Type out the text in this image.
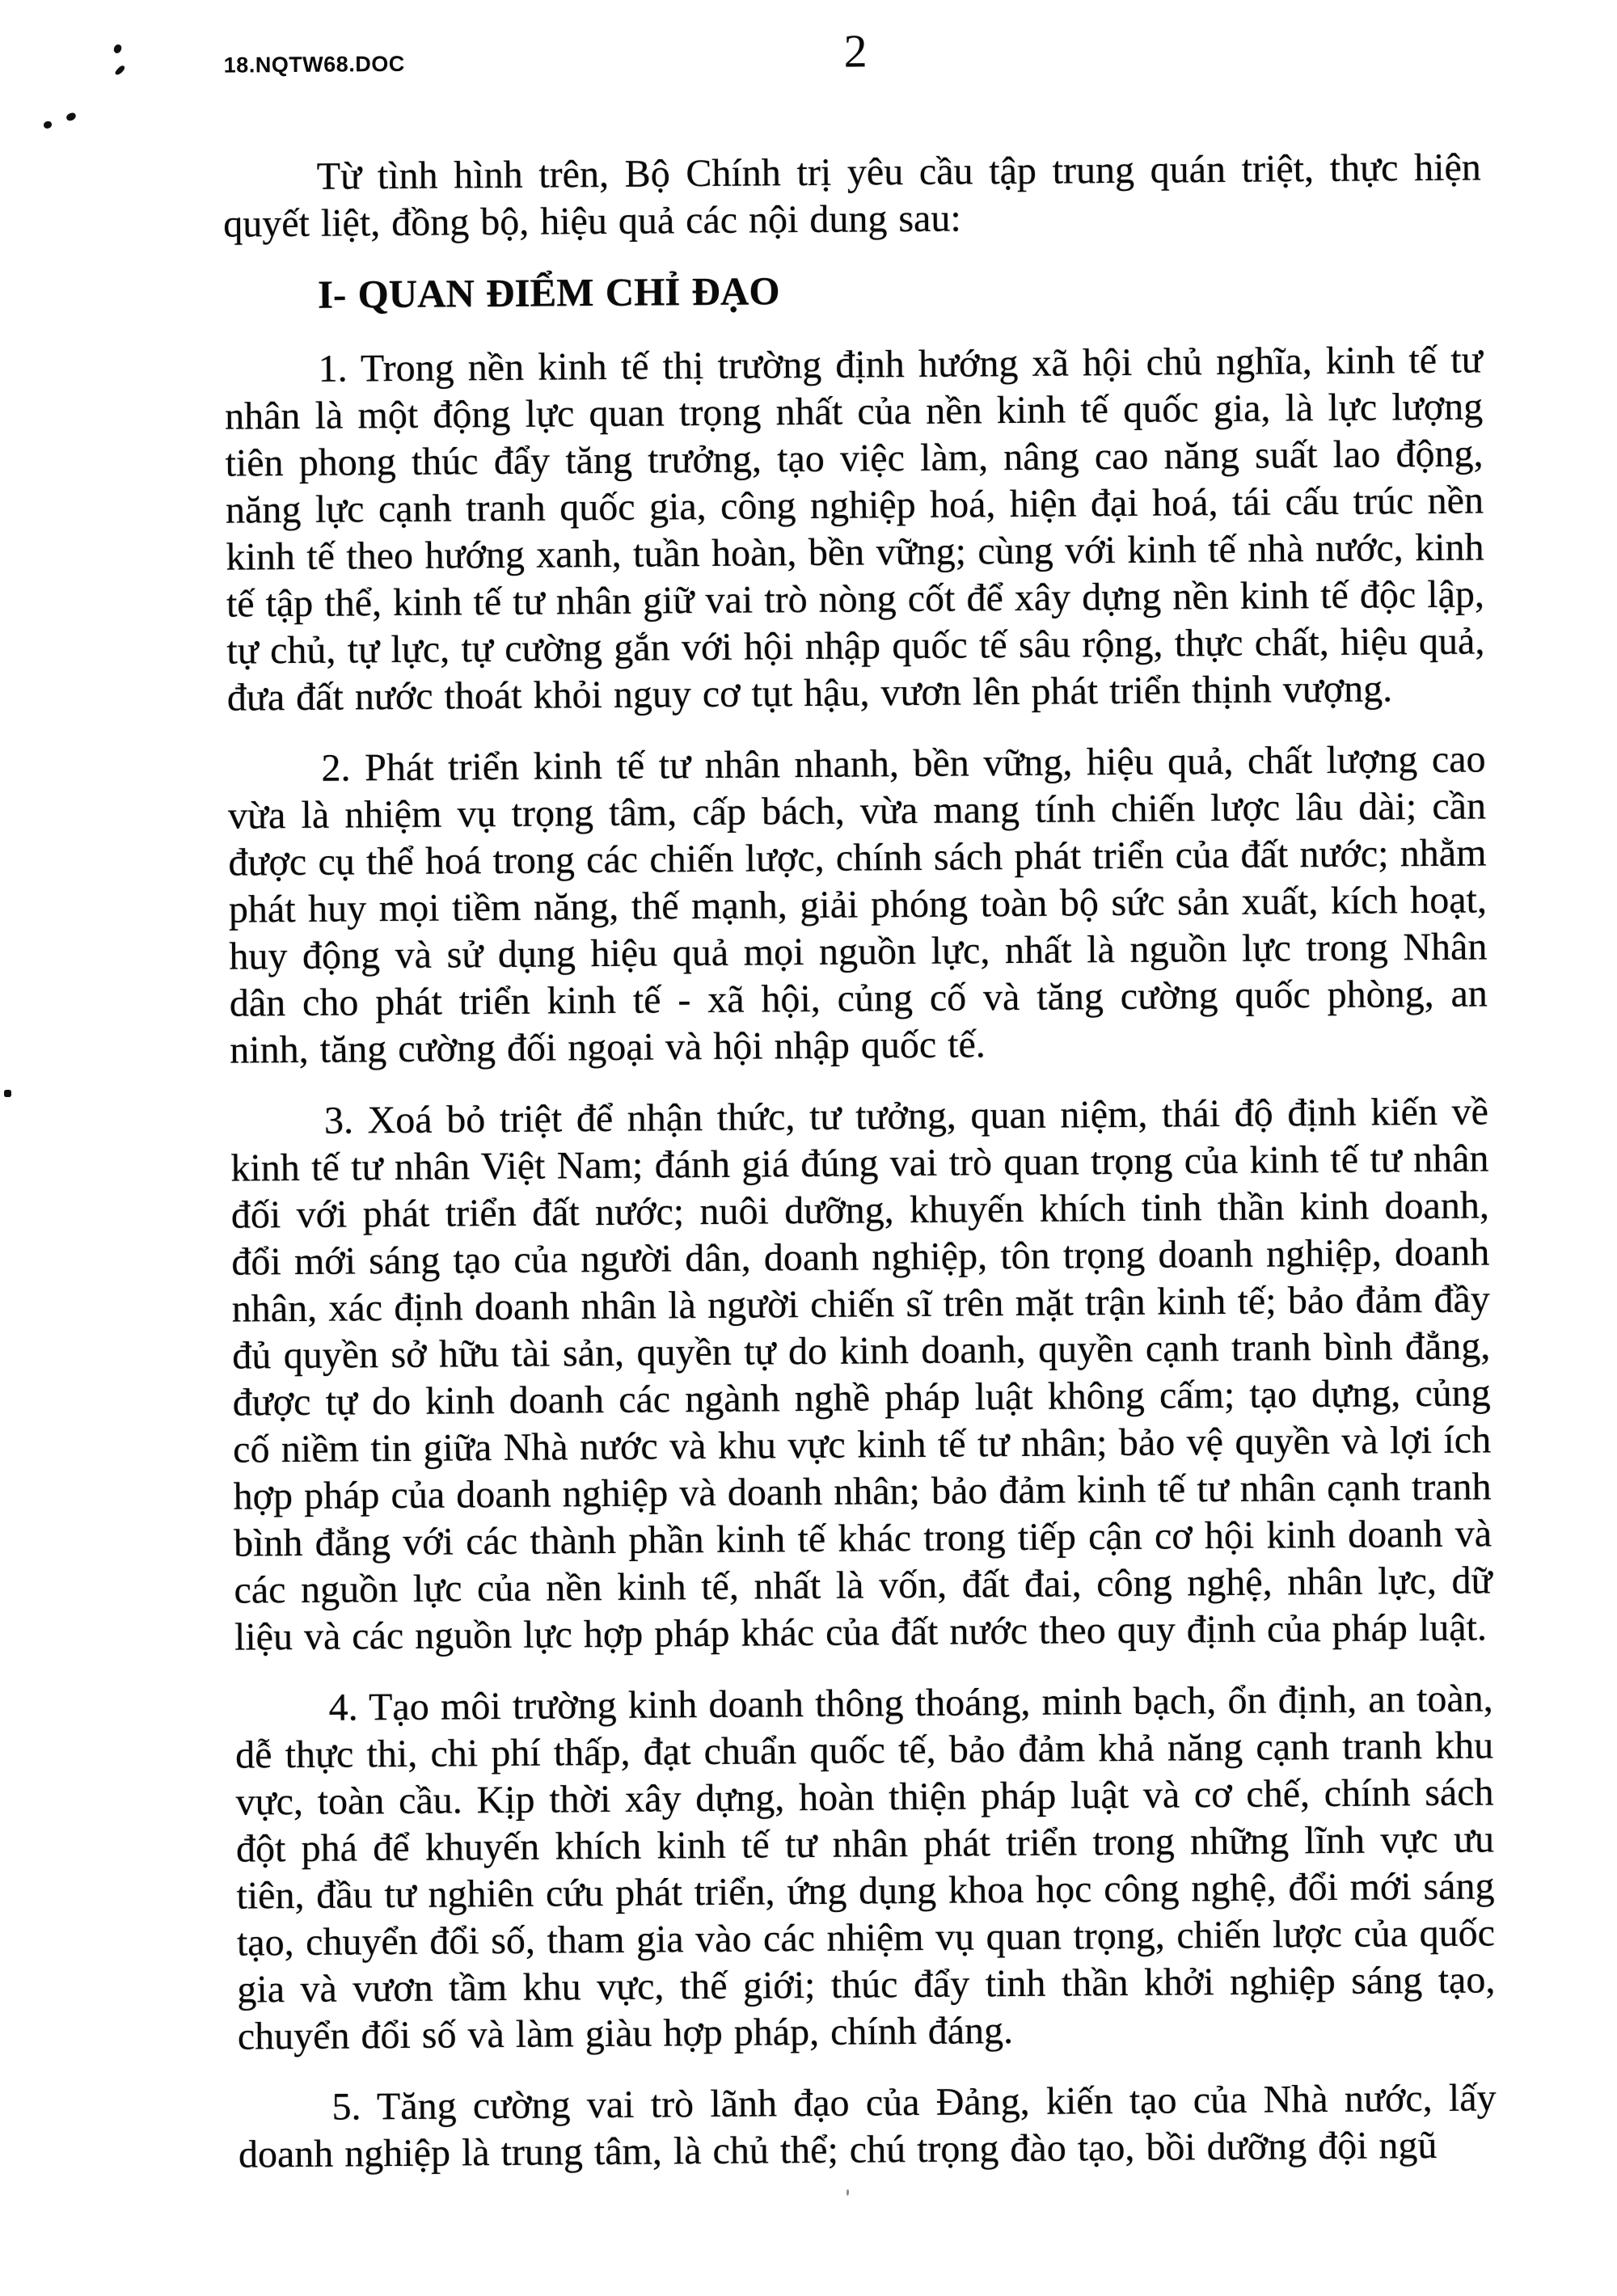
18.NQTW68.DOC	2

Từ tình hình trên, Bộ Chính trị yêu cầu tập trung quán triệt, thực hiện quyết liệt, đồng bộ, hiệu quả các nội dung sau:

I- QUAN ĐIỂM CHỈ ĐẠO

1. Trong nền kinh tế thị trường định hướng xã hội chủ nghĩa, kinh tế tư nhân là một động lực quan trọng nhất của nền kinh tế quốc gia, là lực lượng tiên phong thúc đẩy tăng trưởng, tạo việc làm, nâng cao năng suất lao động, năng lực cạnh tranh quốc gia, công nghiệp hoá, hiện đại hoá, tái cấu trúc nền kinh tế theo hướng xanh, tuần hoàn, bền vững; cùng với kinh tế nhà nước, kinh tế tập thể, kinh tế tư nhân giữ vai trò nòng cốt để xây dựng nền kinh tế độc lập, tự chủ, tự lực, tự cường gắn với hội nhập quốc tế sâu rộng, thực chất, hiệu quả, đưa đất nước thoát khỏi nguy cơ tụt hậu, vươn lên phát triển thịnh vượng.

2. Phát triển kinh tế tư nhân nhanh, bền vững, hiệu quả, chất lượng cao vừa là nhiệm vụ trọng tâm, cấp bách, vừa mang tính chiến lược lâu dài; cần được cụ thể hoá trong các chiến lược, chính sách phát triển của đất nước; nhằm phát huy mọi tiềm năng, thế mạnh, giải phóng toàn bộ sức sản xuất, kích hoạt, huy động và sử dụng hiệu quả mọi nguồn lực, nhất là nguồn lực trong Nhân dân cho phát triển kinh tế - xã hội, củng cố và tăng cường quốc phòng, an ninh, tăng cường đối ngoại và hội nhập quốc tế.

3. Xoá bỏ triệt để nhận thức, tư tưởng, quan niệm, thái độ định kiến về kinh tế tư nhân Việt Nam; đánh giá đúng vai trò quan trọng của kinh tế tư nhân đối với phát triển đất nước; nuôi dưỡng, khuyến khích tinh thần kinh doanh, đổi mới sáng tạo của người dân, doanh nghiệp, tôn trọng doanh nghiệp, doanh nhân, xác định doanh nhân là người chiến sĩ trên mặt trận kinh tế; bảo đảm đầy đủ quyền sở hữu tài sản, quyền tự do kinh doanh, quyền cạnh tranh bình đẳng, được tự do kinh doanh các ngành nghề pháp luật không cấm; tạo dựng, củng cố niềm tin giữa Nhà nước và khu vực kinh tế tư nhân; bảo vệ quyền và lợi ích hợp pháp của doanh nghiệp và doanh nhân; bảo đảm kinh tế tư nhân cạnh tranh bình đẳng với các thành phần kinh tế khác trong tiếp cận cơ hội kinh doanh và các nguồn lực của nền kinh tế, nhất là vốn, đất đai, công nghệ, nhân lực, dữ liệu và các nguồn lực hợp pháp khác của đất nước theo quy định của pháp luật.

4. Tạo môi trường kinh doanh thông thoáng, minh bạch, ổn định, an toàn, dễ thực thi, chi phí thấp, đạt chuẩn quốc tế, bảo đảm khả năng cạnh tranh khu vực, toàn cầu. Kịp thời xây dựng, hoàn thiện pháp luật và cơ chế, chính sách đột phá để khuyến khích kinh tế tư nhân phát triển trong những lĩnh vực ưu tiên, đầu tư nghiên cứu phát triển, ứng dụng khoa học công nghệ, đổi mới sáng tạo, chuyển đổi số, tham gia vào các nhiệm vụ quan trọng, chiến lược của quốc gia và vươn tầm khu vực, thế giới; thúc đẩy tinh thần khởi nghiệp sáng tạo, chuyển đổi số và làm giàu hợp pháp, chính đáng.

5. Tăng cường vai trò lãnh đạo của Đảng, kiến tạo của Nhà nước, lấy doanh nghiệp là trung tâm, là chủ thể; chú trọng đào tạo, bồi dưỡng đội ngũ
